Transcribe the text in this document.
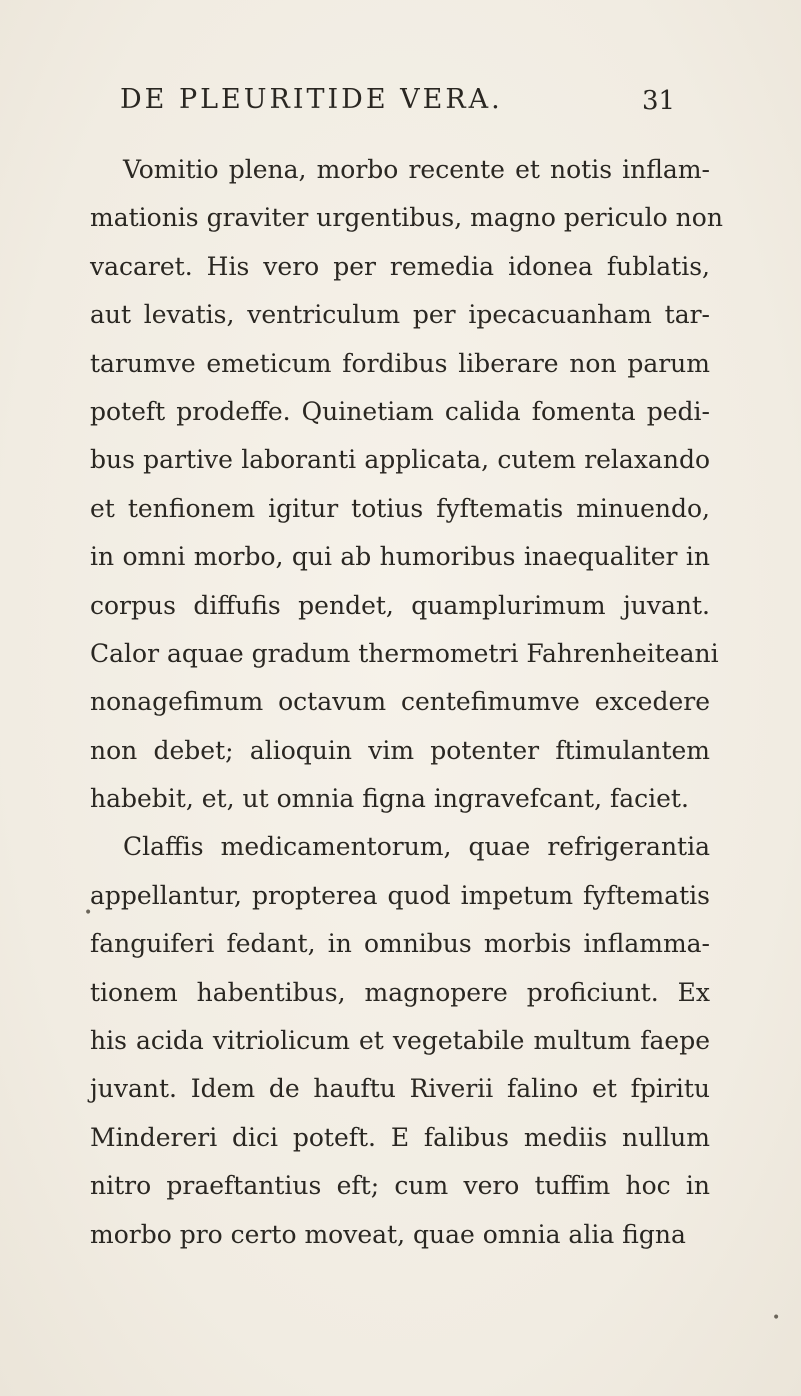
DE PLEURITIDE VERA.	31
Vomitio plena, morbo recente et notis inflam-
mationis graviter urgentibus, magno periculo non
vacaret. His vero per remedia idonea fublatis,
aut levatis, ventriculum per ipecacuanham tar-
tarumve emeticum fordibus liberare non parum
poteft prodeffe. Quinetiam calida fomenta pedi-
bus partive laboranti applicata, cutem relaxando
et tenfionem igitur totius fyftematis minuendo,
in omni morbo, qui ab humoribus inaequaliter in
corpus diffufis pendet, quamplurimum juvant.
Calor aquae gradum thermometri Fahrenheiteani
nonagefimum octavum centefimumve excedere
non debet; alioquin vim potenter ftimulantem
habebit, et, ut omnia figna ingravefcant, faciet.
Claffis medicamentorum, quae refrigerantia
appellantur, propterea quod impetum fyftematis
fanguiferi fedant, in omnibus morbis inflamma-
tionem habentibus, magnopere proficiunt. Ex
his acida vitriolicum et vegetabile multum faepe
juvant. Idem de hauftu Riverii falino et fpiritu
Mindereri dici poteft. E falibus mediis nullum
nitro praeftantius eft; cum vero tuffim hoc in
morbo pro certo moveat, quae omnia alia figna
•
•
